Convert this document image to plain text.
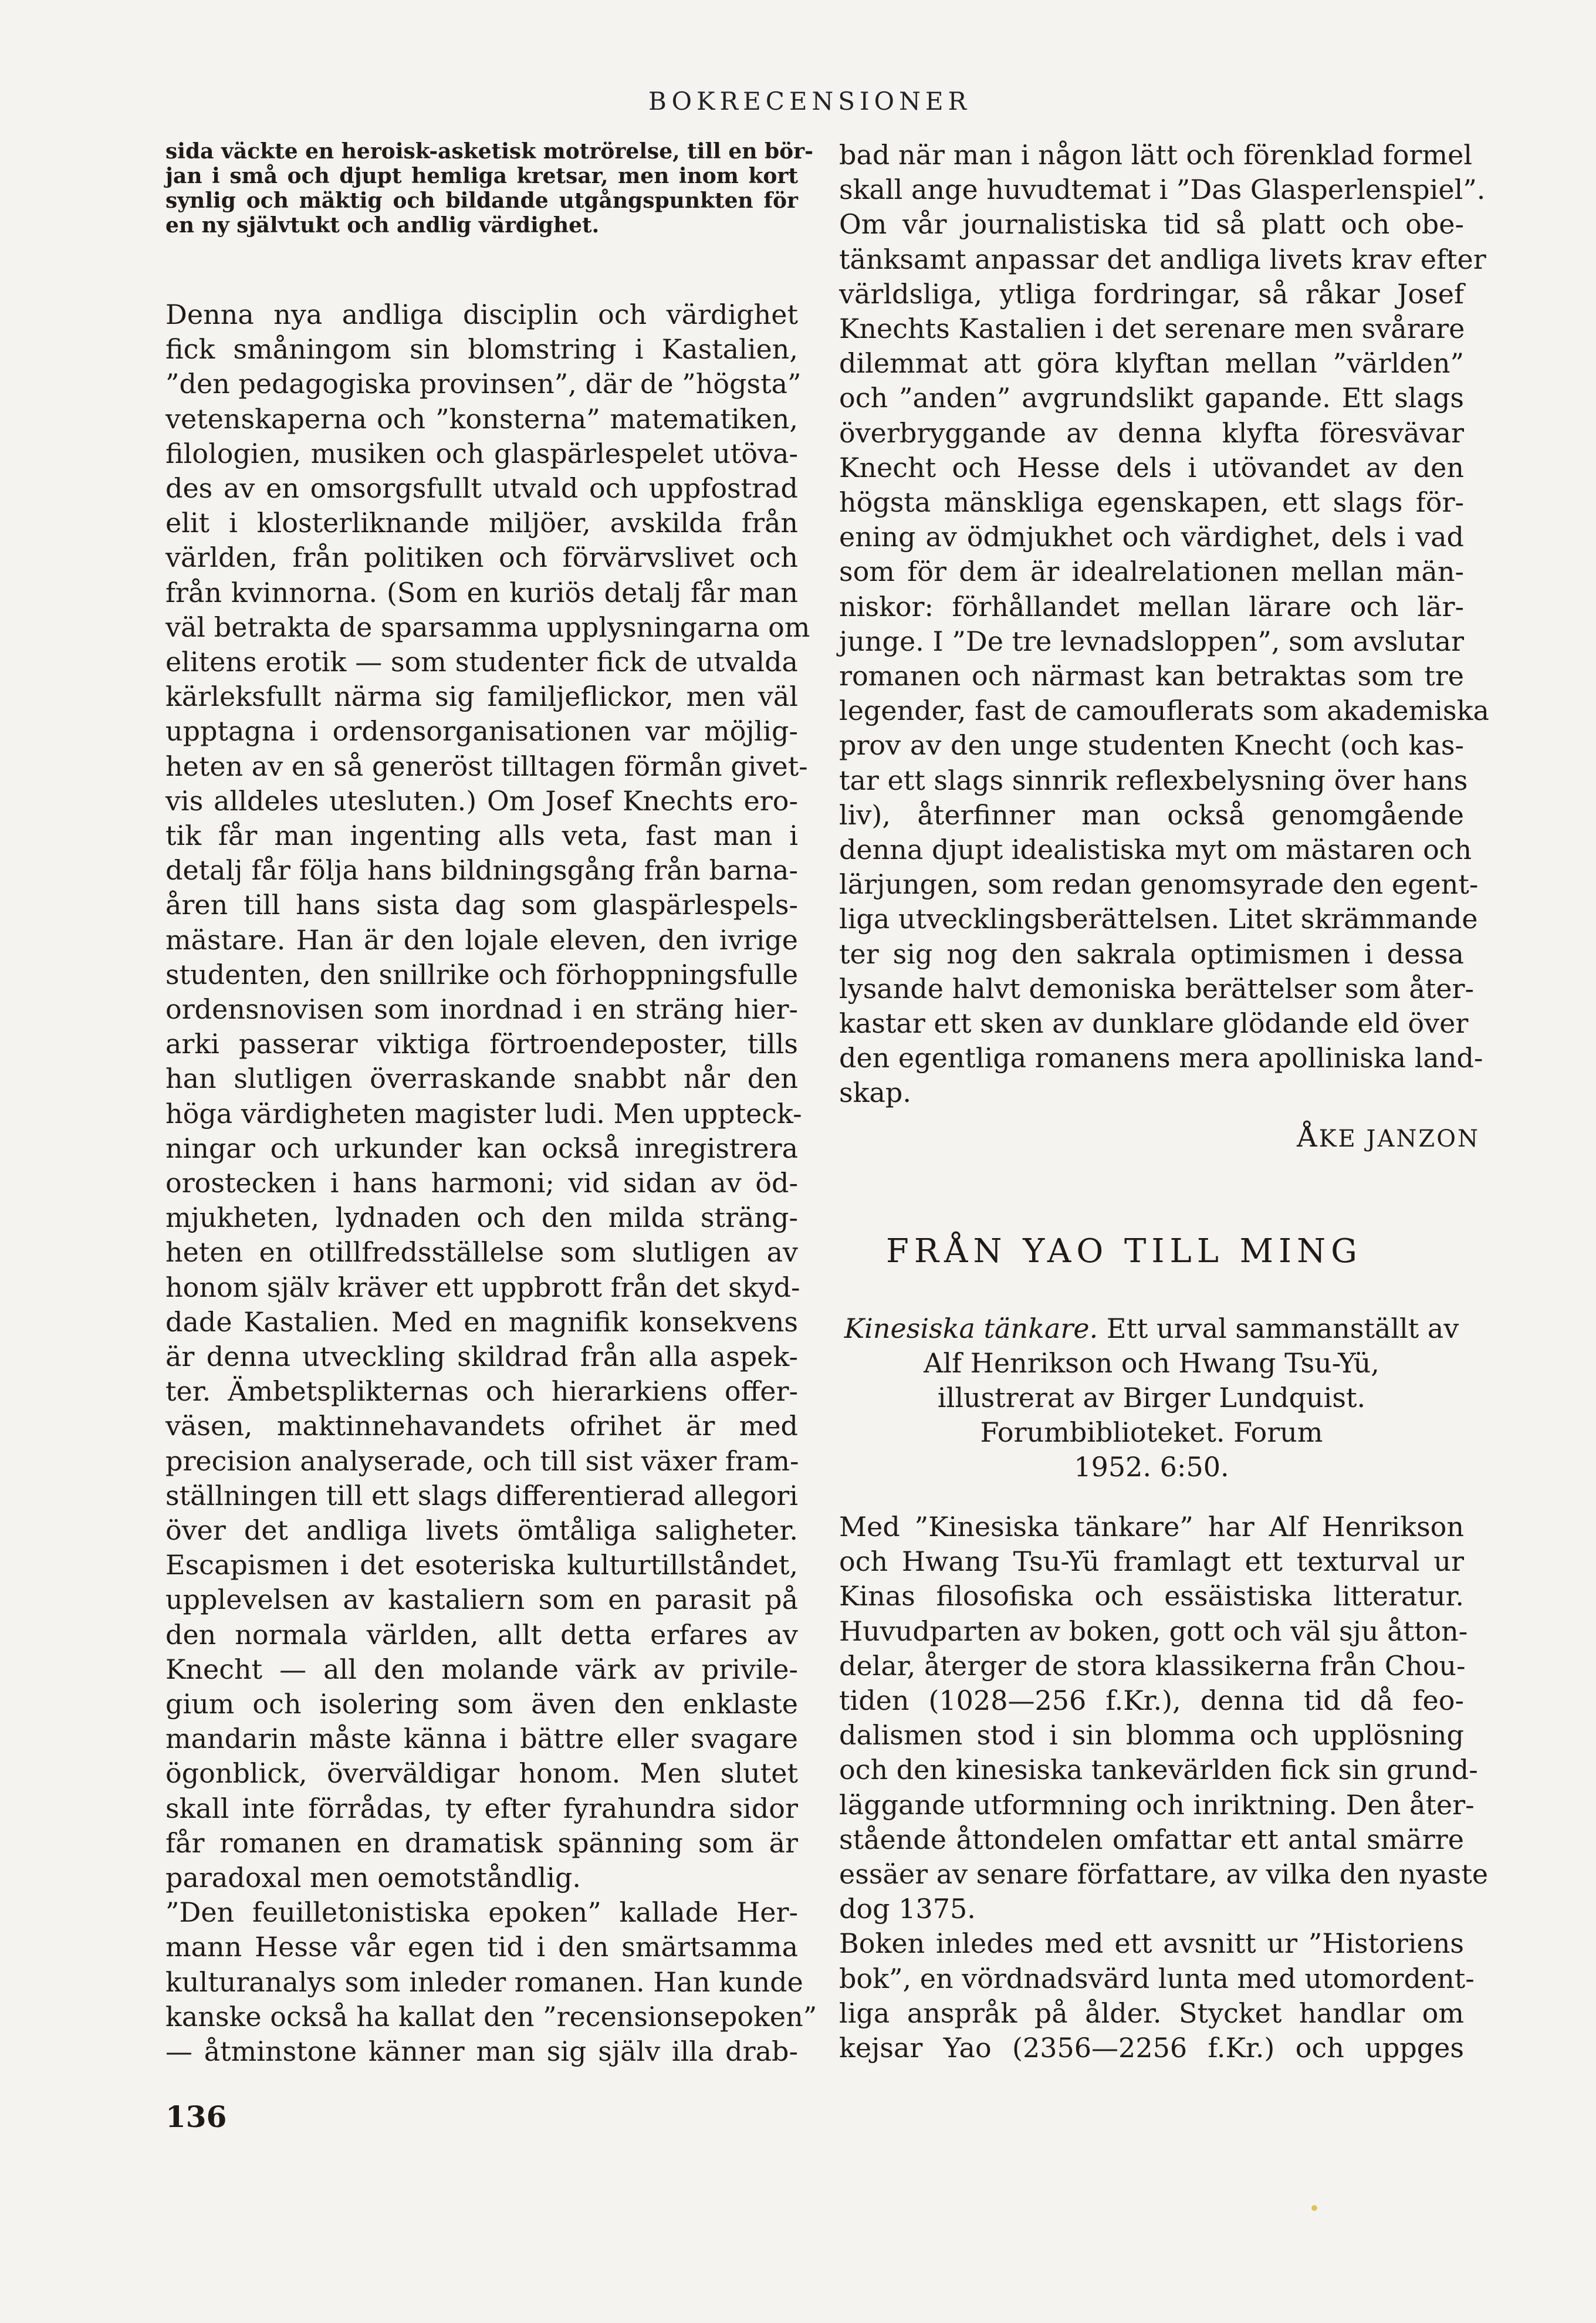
BOKRECENSIONER
sida väckte en heroisk-asketisk motrörelse, till en bör-
jan i små och djupt hemliga kretsar, men inom kort
synlig och mäktig och bildande utgångspunkten för
en ny självtukt och andlig värdighet.
Denna nya andliga disciplin och värdighet
fick småningom sin blomstring i Kastalien,
”den pedagogiska provinsen”, där de ”högsta”
vetenskaperna och ”konsterna” matematiken,
filologien, musiken och glaspärlespelet utöva-
des av en omsorgsfullt utvald och uppfostrad
elit i klosterliknande miljöer, avskilda från
världen, från politiken och förvärvslivet och
från kvinnorna. (Som en kuriös detalj får man
väl betrakta de sparsamma upplysningarna om
elitens erotik — som studenter fick de utvalda
kärleksfullt närma sig familjeflickor, men väl
upptagna i ordensorganisationen var möjlig-
heten av en så generöst tilltagen förmån givet-
vis alldeles utesluten.) Om Josef Knechts ero-
tik får man ingenting alls veta, fast man i
detalj får följa hans bildningsgång från barna-
åren till hans sista dag som glaspärlespels-
mästare. Han är den lojale eleven, den ivrige
studenten, den snillrike och förhoppningsfulle
ordensnovisen som inordnad i en sträng hier-
arki passerar viktiga förtroendeposter, tills
han slutligen överraskande snabbt når den
höga värdigheten magister ludi. Men uppteck-
ningar och urkunder kan också inregistrera
orostecken i hans harmoni; vid sidan av öd-
mjukheten, lydnaden och den milda sträng-
heten en otillfredsställelse som slutligen av
honom själv kräver ett uppbrott från det skyd-
dade Kastalien. Med en magnifik konsekvens
är denna utveckling skildrad från alla aspek-
ter. Ämbetsplikternas och hierarkiens offer-
väsen, maktinnehavandets ofrihet är med
precision analyserade, och till sist växer fram-
ställningen till ett slags differentierad allegori
över det andliga livets ömtåliga saligheter.
Escapismen i det esoteriska kulturtillståndet,
upplevelsen av kastaliern som en parasit på
den normala världen, allt detta erfares av
Knecht — all den molande värk av privile-
gium och isolering som även den enklaste
mandarin måste känna i bättre eller svagare
ögonblick, överväldigar honom. Men slutet
skall inte förrådas, ty efter fyrahundra sidor
får romanen en dramatisk spänning som är
paradoxal men oemotståndlig.
”Den feuilletonistiska epoken” kallade Her-
mann Hesse vår egen tid i den smärtsamma
kulturanalys som inleder romanen. Han kunde
kanske också ha kallat den ”recensionsepoken”
— åtminstone känner man sig själv illa drab-
bad när man i någon lätt och förenklad formel
skall ange huvudtemat i ”Das Glasperlenspiel”.
Om vår journalistiska tid så platt och obe-
tänksamt anpassar det andliga livets krav efter
världsliga, ytliga fordringar, så råkar Josef
Knechts Kastalien i det serenare men svårare
dilemmat att göra klyftan mellan ”världen”
och ”anden” avgrundslikt gapande. Ett slags
överbryggande av denna klyfta föresvävar
Knecht och Hesse dels i utövandet av den
högsta mänskliga egenskapen, ett slags för-
ening av ödmjukhet och värdighet, dels i vad
som för dem är idealrelationen mellan män-
niskor: förhållandet mellan lärare och lär-
junge. I ”De tre levnadsloppen”, som avslutar
romanen och närmast kan betraktas som tre
legender, fast de camouflerats som akademiska
prov av den unge studenten Knecht (och kas-
tar ett slags sinnrik reflexbelysning över hans
liv), återfinner man också genomgående
denna djupt idealistiska myt om mästaren och
lärjungen, som redan genomsyrade den egent-
liga utvecklingsberättelsen. Litet skrämmande
ter sig nog den sakrala optimismen i dessa
lysande halvt demoniska berättelser som åter-
kastar ett sken av dunklare glödande eld över
den egentliga romanens mera apolliniska land-
skap.
ÅKE JANZON
FRÅN YAO TILL MING
Kinesiska tänkare. Ett urval sammanställt av
Alf Henrikson och Hwang Tsu-Yü,
illustrerat av Birger Lundquist.
Forumbiblioteket. Forum
1952. 6:50.
Med ”Kinesiska tänkare” har Alf Henrikson
och Hwang Tsu-Yü framlagt ett texturval ur
Kinas filosofiska och essäistiska litteratur.
Huvudparten av boken, gott och väl sju åtton-
delar, återger de stora klassikerna från Chou-
tiden (1028—256 f.Kr.), denna tid då feo-
dalismen stod i sin blomma och upplösning
och den kinesiska tankevärlden fick sin grund-
läggande utformning och inriktning. Den åter-
stående åttondelen omfattar ett antal smärre
essäer av senare författare, av vilka den nyaste
dog 1375.
Boken inledes med ett avsnitt ur ”Historiens
bok”, en vördnadsvärd lunta med utomordent-
liga anspråk på ålder. Stycket handlar om
kejsar Yao (2356—2256 f.Kr.) och uppges
136
